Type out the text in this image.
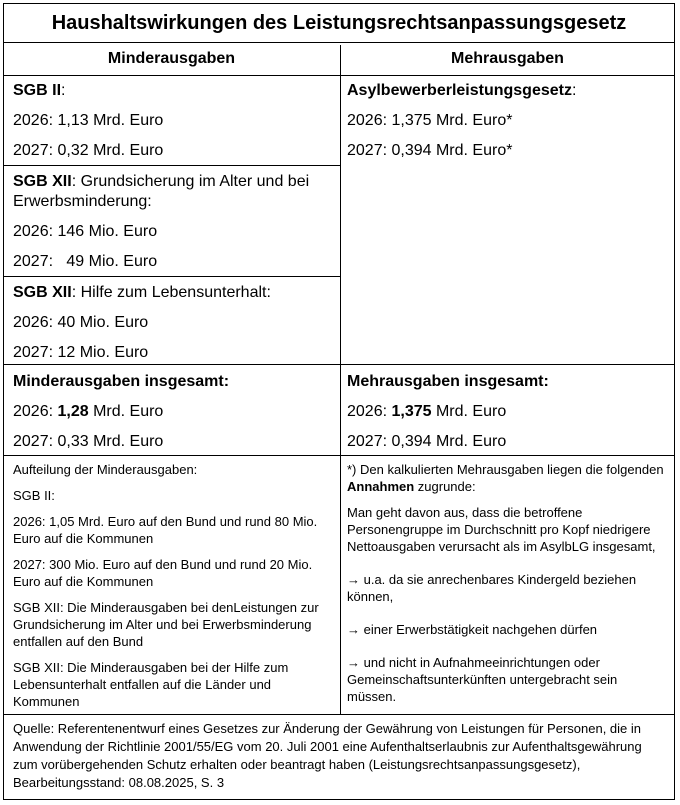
Haushaltswirkungen des Leistungsrechtsanpassungsgesetz
Minderausgaben	Mehrausgaben

SGB II:

2026: 1,13 Mrd. Euro

2027: 0,32 Mrd. Euro

SGB XII: Grundsicherung im Alter und bei Erwerbsminderung:

2026: 146 Mio. Euro

2027:   49 Mio. Euro

SGB XII: Hilfe zum Lebensunterhalt:

2026: 40 Mio. Euro

2027: 12 Mio. Euro

Minderausgaben insgesamt:

2026: 1,28 Mrd. Euro

2027: 0,33 Mrd. Euro

Aufteilung der Minderausgaben:

SGB II:

2026: 1,05 Mrd. Euro auf den Bund und rund 80 Mio. Euro auf die Kommunen

2027: 300 Mio. Euro auf den Bund und rund 20 Mio. Euro auf die Kommunen

SGB XII: Die Minderausgaben bei denLeistungen zur Grundsicherung im Alter und bei Erwerbsminderung entfallen auf den Bund

SGB XII: Die Minderausgaben bei der Hilfe zum Lebensunterhalt entfallen auf die Länder und Kommunen

Asylbewerberleistungsgesetz:

2026: 1,375 Mrd. Euro*

2027: 0,394 Mrd. Euro*

Mehrausgaben insgesamt:

2026: 1,375 Mrd. Euro

2027: 0,394 Mrd. Euro

*) Den kalkulierten Mehrausgaben liegen die folgenden Annahmen zugrunde:

Man geht davon aus, dass die betroffene Personengruppe im Durchschnitt pro Kopf niedrigere Nettoausgaben verursacht als im AsylbLG insgesamt,

→ u.a. da sie anrechenbares Kindergeld beziehen können,

→ einer Erwerbstätigkeit nachgehen dürfen

→ und nicht in Aufnahmeeinrichtungen oder Gemeinschaftsunterkünften untergebracht sein müssen.

Quelle: Referentenentwurf eines Gesetzes zur Änderung der Gewährung von Leistungen für Personen, die in Anwendung der Richtlinie 2001/55/EG vom 20. Juli 2001 eine Aufenthaltserlaubnis zur Aufenthaltsgewährung zum vorübergehenden Schutz erhalten oder beantragt haben (Leistungsrechtsanpassungsgesetz), Bearbeitungsstand: 08.08.2025, S. 3
